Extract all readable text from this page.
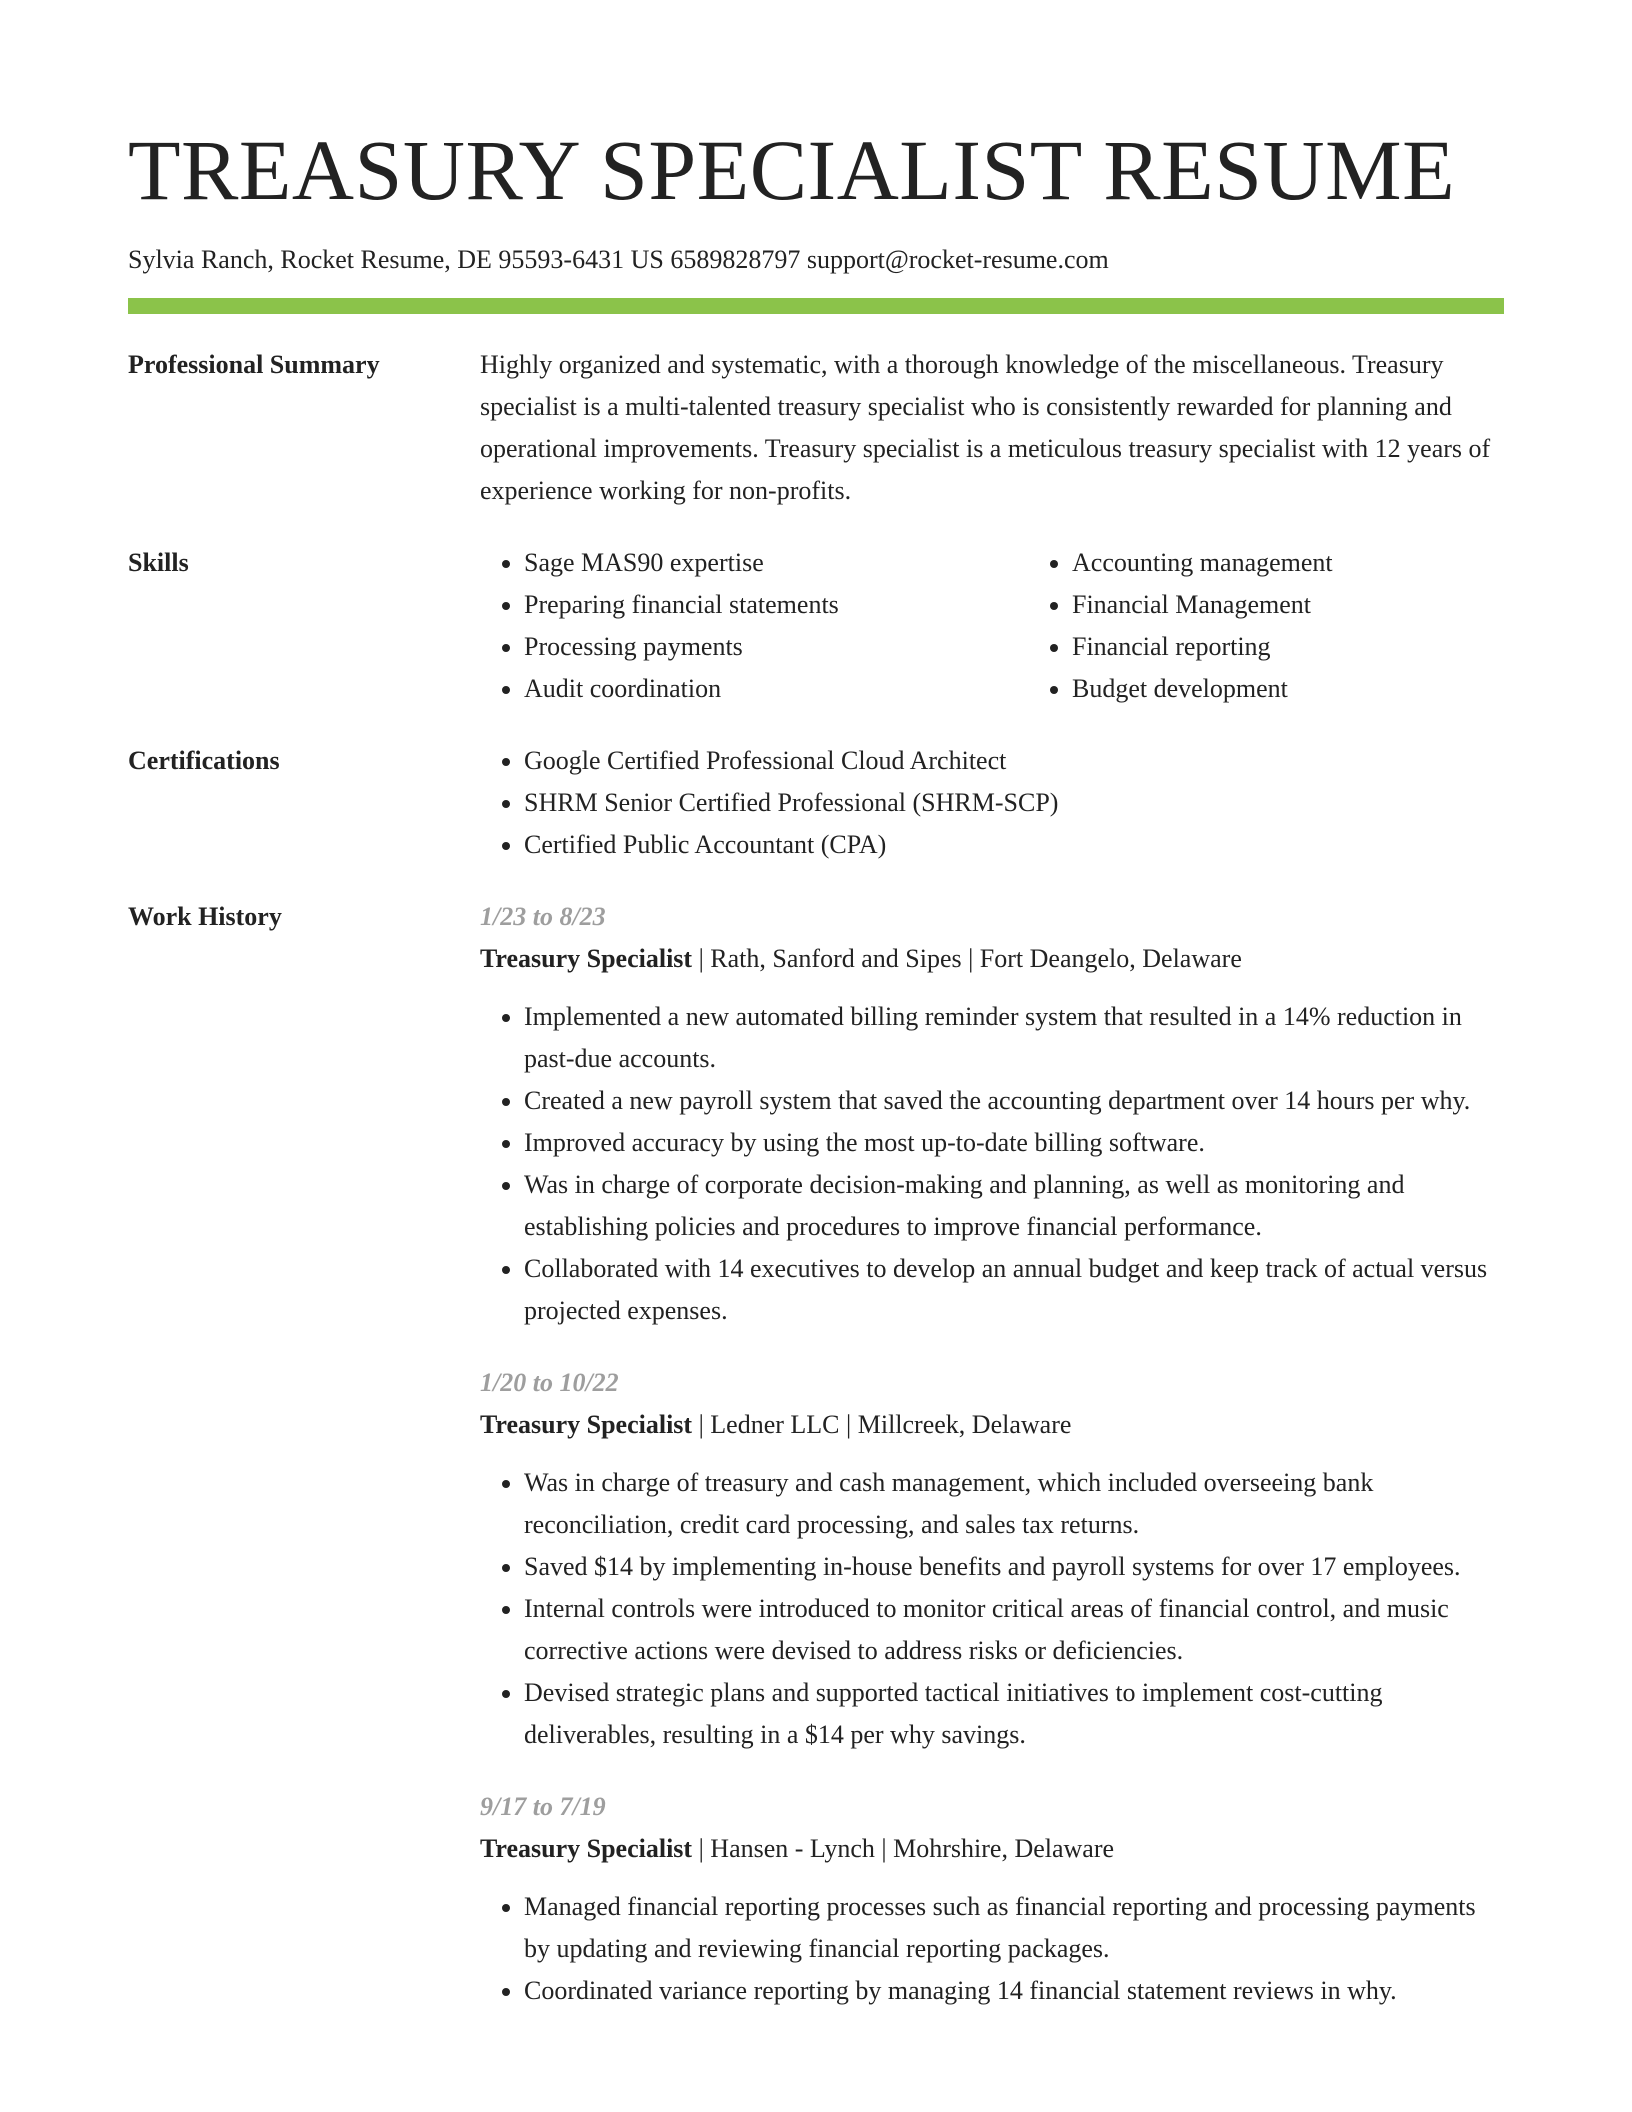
TREASURY SPECIALIST RESUME
Sylvia Ranch, Rocket Resume, DE 95593-6431 US 6589828797 support@rocket-resume.com
Professional Summary	Highly organized and systematic, with a thorough knowledge of the miscellaneous. Treasury specialist is a multi-talented treasury specialist who is consistently rewarded for planning and operational improvements. Treasury specialist is a meticulous treasury specialist with 12 years of experience working for non-profits.

Skills	• Sage MAS90 expertise
• Preparing financial statements
• Processing payments
• Audit coordination
• Accounting management
• Financial Management
• Financial reporting
• Budget development
Certifications	• Google Certified Professional Cloud Architect
• SHRM Senior Certified Professional (SHRM-SCP)
• Certified Public Accountant (CPA)
Work History	1/23 to 8/23
Treasury Specialist | Rath, Sanford and Sipes | Fort Deangelo, Delaware
• Implemented a new automated billing reminder system that resulted in a 14% reduction in past-due accounts.
• Created a new payroll system that saved the accounting department over 14 hours per why.
• Improved accuracy by using the most up-to-date billing software.
• Was in charge of corporate decision-making and planning, as well as monitoring and establishing policies and procedures to improve financial performance.
• Collaborated with 14 executives to develop an annual budget and keep track of actual versus projected expenses.
1/20 to 10/22
Treasury Specialist | Ledner LLC | Millcreek, Delaware
• Was in charge of treasury and cash management, which included overseeing bank reconciliation, credit card processing, and sales tax returns.
• Saved $14 by implementing in-house benefits and payroll systems for over 17 employees.
• Internal controls were introduced to monitor critical areas of financial control, and music corrective actions were devised to address risks or deficiencies.
• Devised strategic plans and supported tactical initiatives to implement cost-cutting deliverables, resulting in a $14 per why savings.
9/17 to 7/19
Treasury Specialist | Hansen - Lynch | Mohrshire, Delaware
• Managed financial reporting processes such as financial reporting and processing payments by updating and reviewing financial reporting packages.
• Coordinated variance reporting by managing 14 financial statement reviews in why.
